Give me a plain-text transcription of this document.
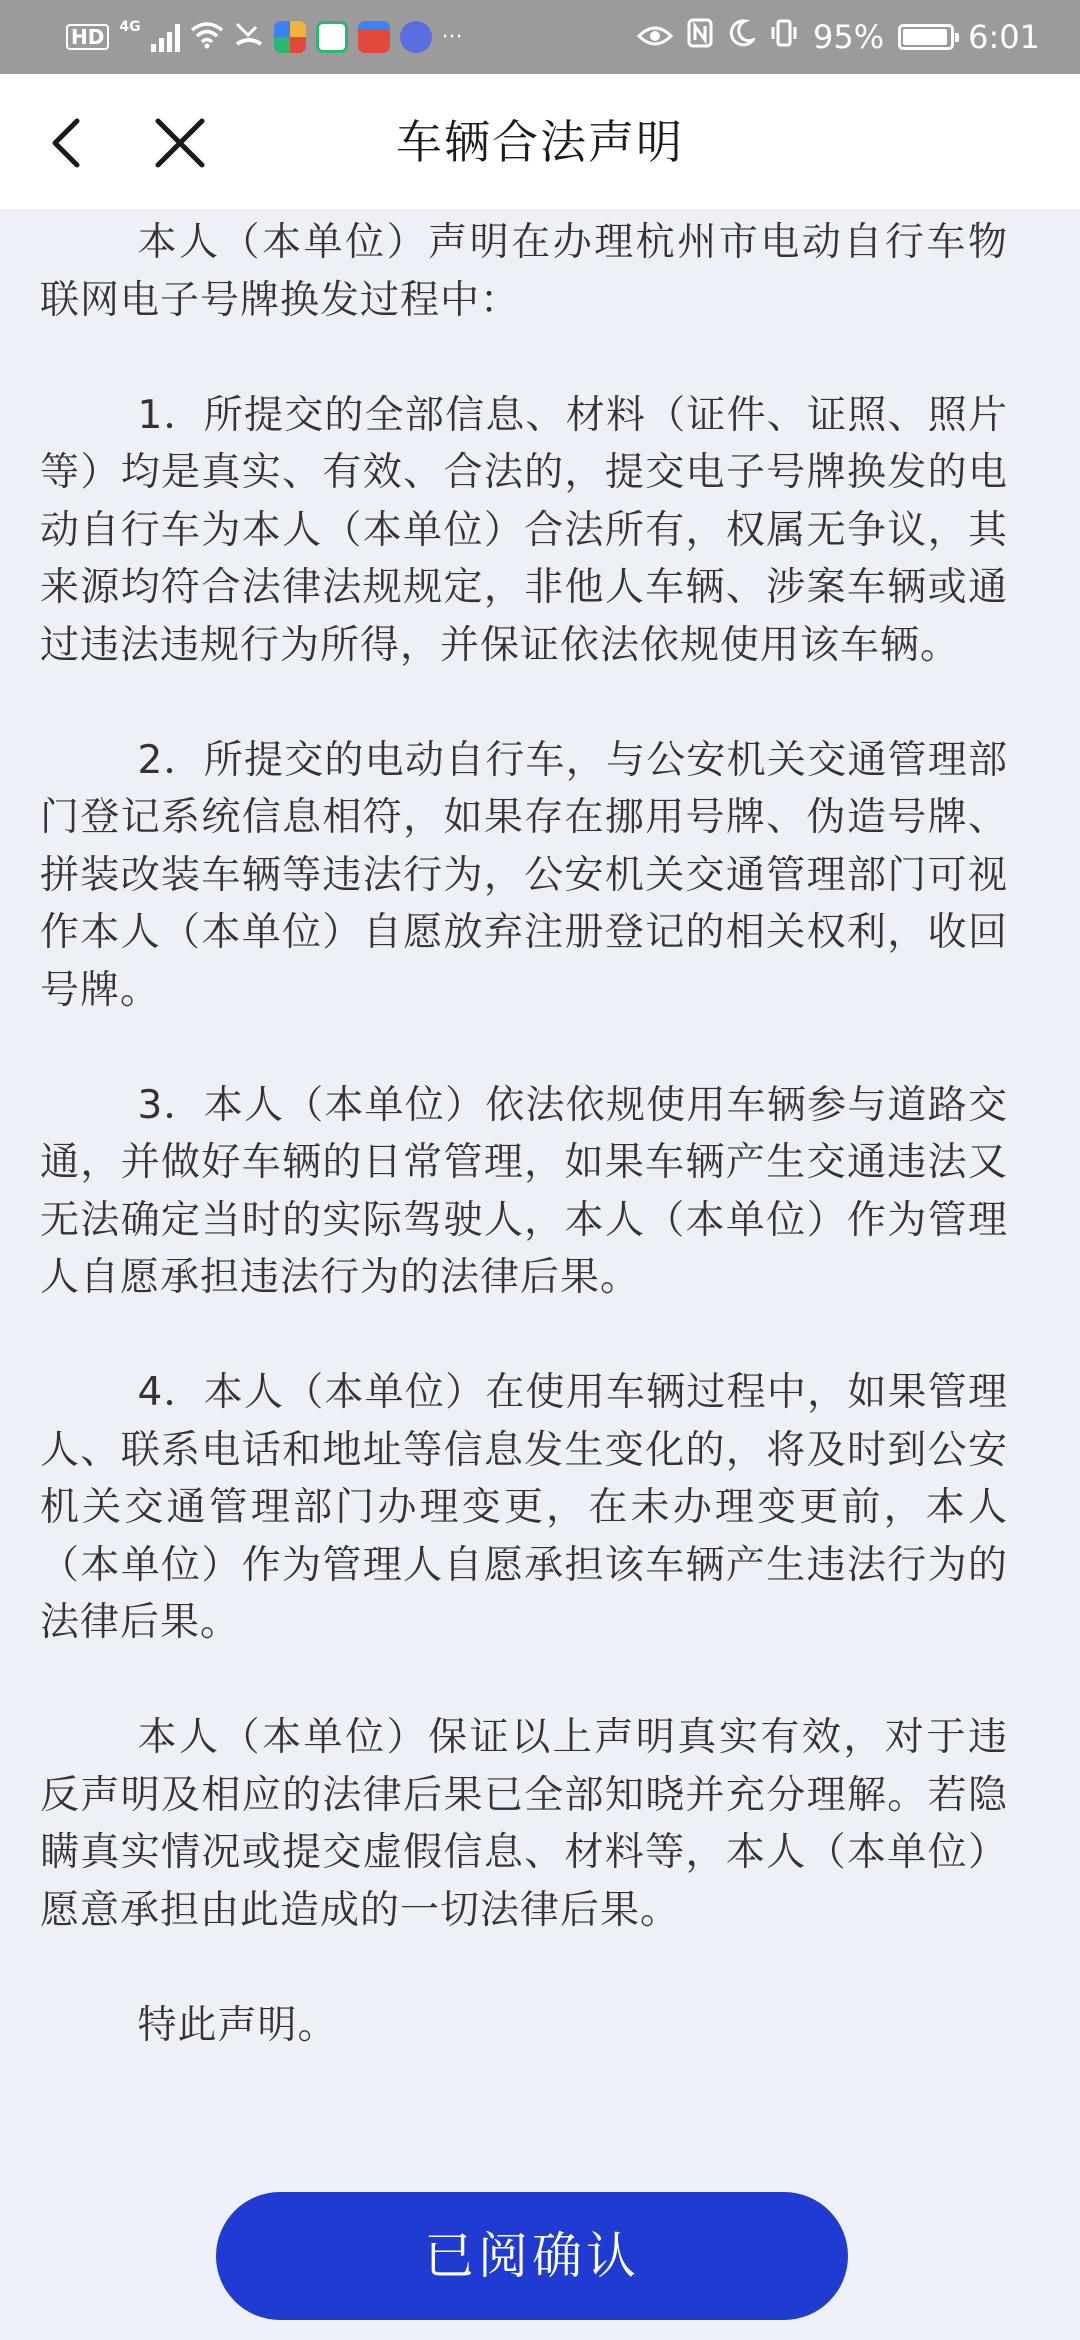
HD	4G	···	95%	6:01
车辆合法声明

本人（本单位）声明在办理杭州市电动自行车物联网电子号牌换发过程中：

1．所提交的全部信息、材料（证件、证照、照片等）均是真实、有效、合法的，提交电子号牌换发的电动自行车为本人（本单位）合法所有，权属无争议，其来源均符合法律法规规定，非他人车辆、涉案车辆或通过违法违规行为所得，并保证依法依规使用该车辆。

2．所提交的电动自行车，与公安机关交通管理部门登记系统信息相符，如果存在挪用号牌、伪造号牌、拼装改装车辆等违法行为，公安机关交通管理部门可视作本人（本单位）自愿放弃注册登记的相关权利，收回号牌。

3．本人（本单位）依法依规使用车辆参与道路交通，并做好车辆的日常管理，如果车辆产生交通违法又无法确定当时的实际驾驶人，本人（本单位）作为管理人自愿承担违法行为的法律后果。

4．本人（本单位）在使用车辆过程中，如果管理人、联系电话和地址等信息发生变化的，将及时到公安机关交通管理部门办理变更，在未办理变更前，本人（本单位）作为管理人自愿承担该车辆产生违法行为的法律后果。

本人（本单位）保证以上声明真实有效，对于违反声明及相应的法律后果已全部知晓并充分理解。若隐瞒真实情况或提交虚假信息、材料等，本人（本单位）愿意承担由此造成的一切法律后果。

特此声明。

已阅确认
